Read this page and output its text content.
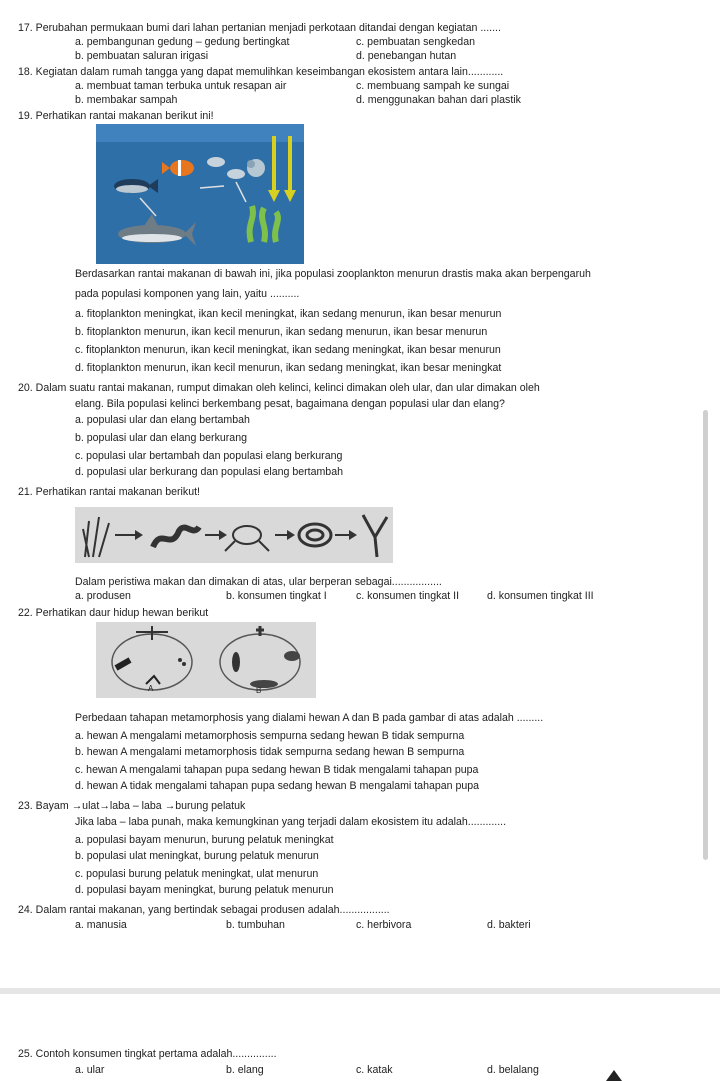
17. Perubahan permukaan bumi dari lahan pertanian menjadi perkotaan ditandai dengan kegiatan .......
a. pembangunan gedung – gedung bertingkat	c. pembuatan sengkedan
b. pembuatan saluran irigasi	d. penebangan hutan
18. Kegiatan dalam rumah tangga yang dapat memulihkan keseimbangan ekosistem antara lain............
a. membuat taman terbuka untuk resapan air	c. membuang sampah ke sungai
b. membakar sampah	d. menggunakan bahan dari plastik
19. Perhatikan rantai makanan berikut ini!
Berdasarkan rantai makanan di bawah ini, jika populasi zooplankton menurun drastis maka akan berpengaruh
pada populasi komponen yang lain, yaitu ..........
a. fitoplankton meningkat, ikan kecil meningkat, ikan sedang menurun, ikan besar menurun
b. fitoplankton menurun, ikan kecil menurun, ikan sedang menurun, ikan besar menurun
c. fitoplankton menurun, ikan kecil meningkat, ikan sedang meningkat, ikan besar menurun
d. fitoplankton menurun, ikan kecil menurun, ikan sedang meningkat, ikan besar meningkat
20. Dalam suatu rantai makanan, rumput dimakan oleh kelinci, kelinci dimakan oleh ular, dan ular dimakan oleh
elang. Bila populasi kelinci berkembang pesat, bagaimana dengan populasi ular dan elang?
a. populasi ular dan elang bertambah
b. populasi ular dan elang berkurang
c. populasi ular bertambah dan populasi elang berkurang
d. populasi ular berkurang dan populasi elang bertambah
21. Perhatikan rantai makanan berikut!
Dalam peristiwa makan dan dimakan di atas, ular berperan sebagai.................
a. produsen	b. konsumen tingkat I	c. konsumen tingkat II	d. konsumen tingkat III
22. Perhatikan daur hidup hewan berikut
A	B
Perbedaan tahapan metamorphosis yang dialami hewan A dan B pada gambar di atas adalah .........
a. hewan A mengalami metamorphosis sempurna sedang hewan B tidak sempurna
b. hewan A mengalami metamorphosis tidak sempurna sedang hewan B sempurna
c. hewan A mengalami tahapan pupa sedang hewan B tidak mengalami tahapan pupa
d. hewan A tidak mengalami tahapan pupa sedang hewan B mengalami tahapan pupa
23. Bayam →ulat→laba – laba →burung pelatuk
Jika laba – laba punah, maka kemungkinan yang terjadi dalam ekosistem itu adalah.............
a. populasi bayam menurun, burung pelatuk meningkat
b. populasi ulat meningkat, burung pelatuk menurun
c. populasi burung pelatuk meningkat, ulat menurun
d. populasi bayam meningkat, burung pelatuk menurun
24. Dalam rantai makanan, yang bertindak sebagai produsen adalah.................
a. manusia	b. tumbuhan	c. herbivora	d. bakteri
25. Contoh konsumen tingkat pertama adalah...............
a. ular	b. elang	c. katak	d. belalang
